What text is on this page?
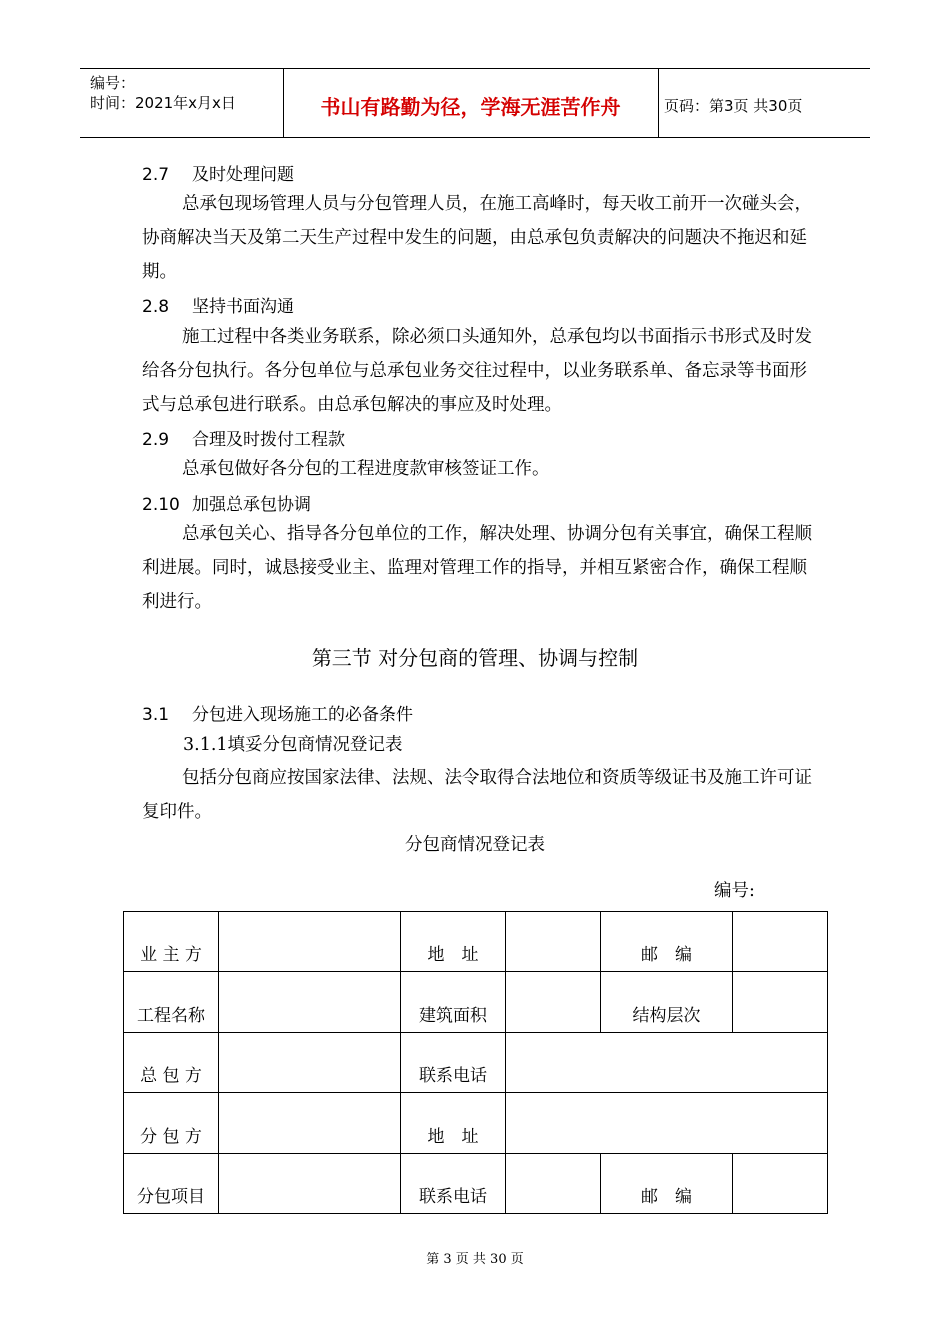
编号：
时间：2021年x月x日	书山有路勤为径，学海无涯苦作舟	页码：第3页 共30页
2.7 及时处理问题
总承包现场管理人员与分包管理人员，在施工高峰时，每天收工前开一次碰头会，协商解决当天及第二天生产过程中发生的问题，由总承包负责解决的问题决不拖迟和延期。
2.8 坚持书面沟通
施工过程中各类业务联系，除必须口头通知外，总承包均以书面指示书形式及时发给各分包执行。各分包单位与总承包业务交往过程中，以业务联系单、备忘录等书面形式与总承包进行联系。由总承包解决的事应及时处理。
2.9 合理及时拨付工程款
总承包做好各分包的工程进度款审核签证工作。
2.10 加强总承包协调
总承包关心、指导各分包单位的工作，解决处理、协调分包有关事宜，确保工程顺利进展。同时，诚恳接受业主、监理对管理工作的指导，并相互紧密合作，确保工程顺利进行。
第三节 对分包商的管理、协调与控制
3.1 分包进入现场施工的必备条件
3.1.1填妥分包商情况登记表
包括分包商应按国家法律、法规、法令取得合法地位和资质等级证书及施工许可证复印件。
分包商情况登记表
编号:
业 主 方		地　址		邮　编	
工程名称		建筑面积		结构层次	
总 包 方		联系电话			
分 包 方		地　址			
分包项目		联系电话		邮　编	
第 3 页 共 30 页
